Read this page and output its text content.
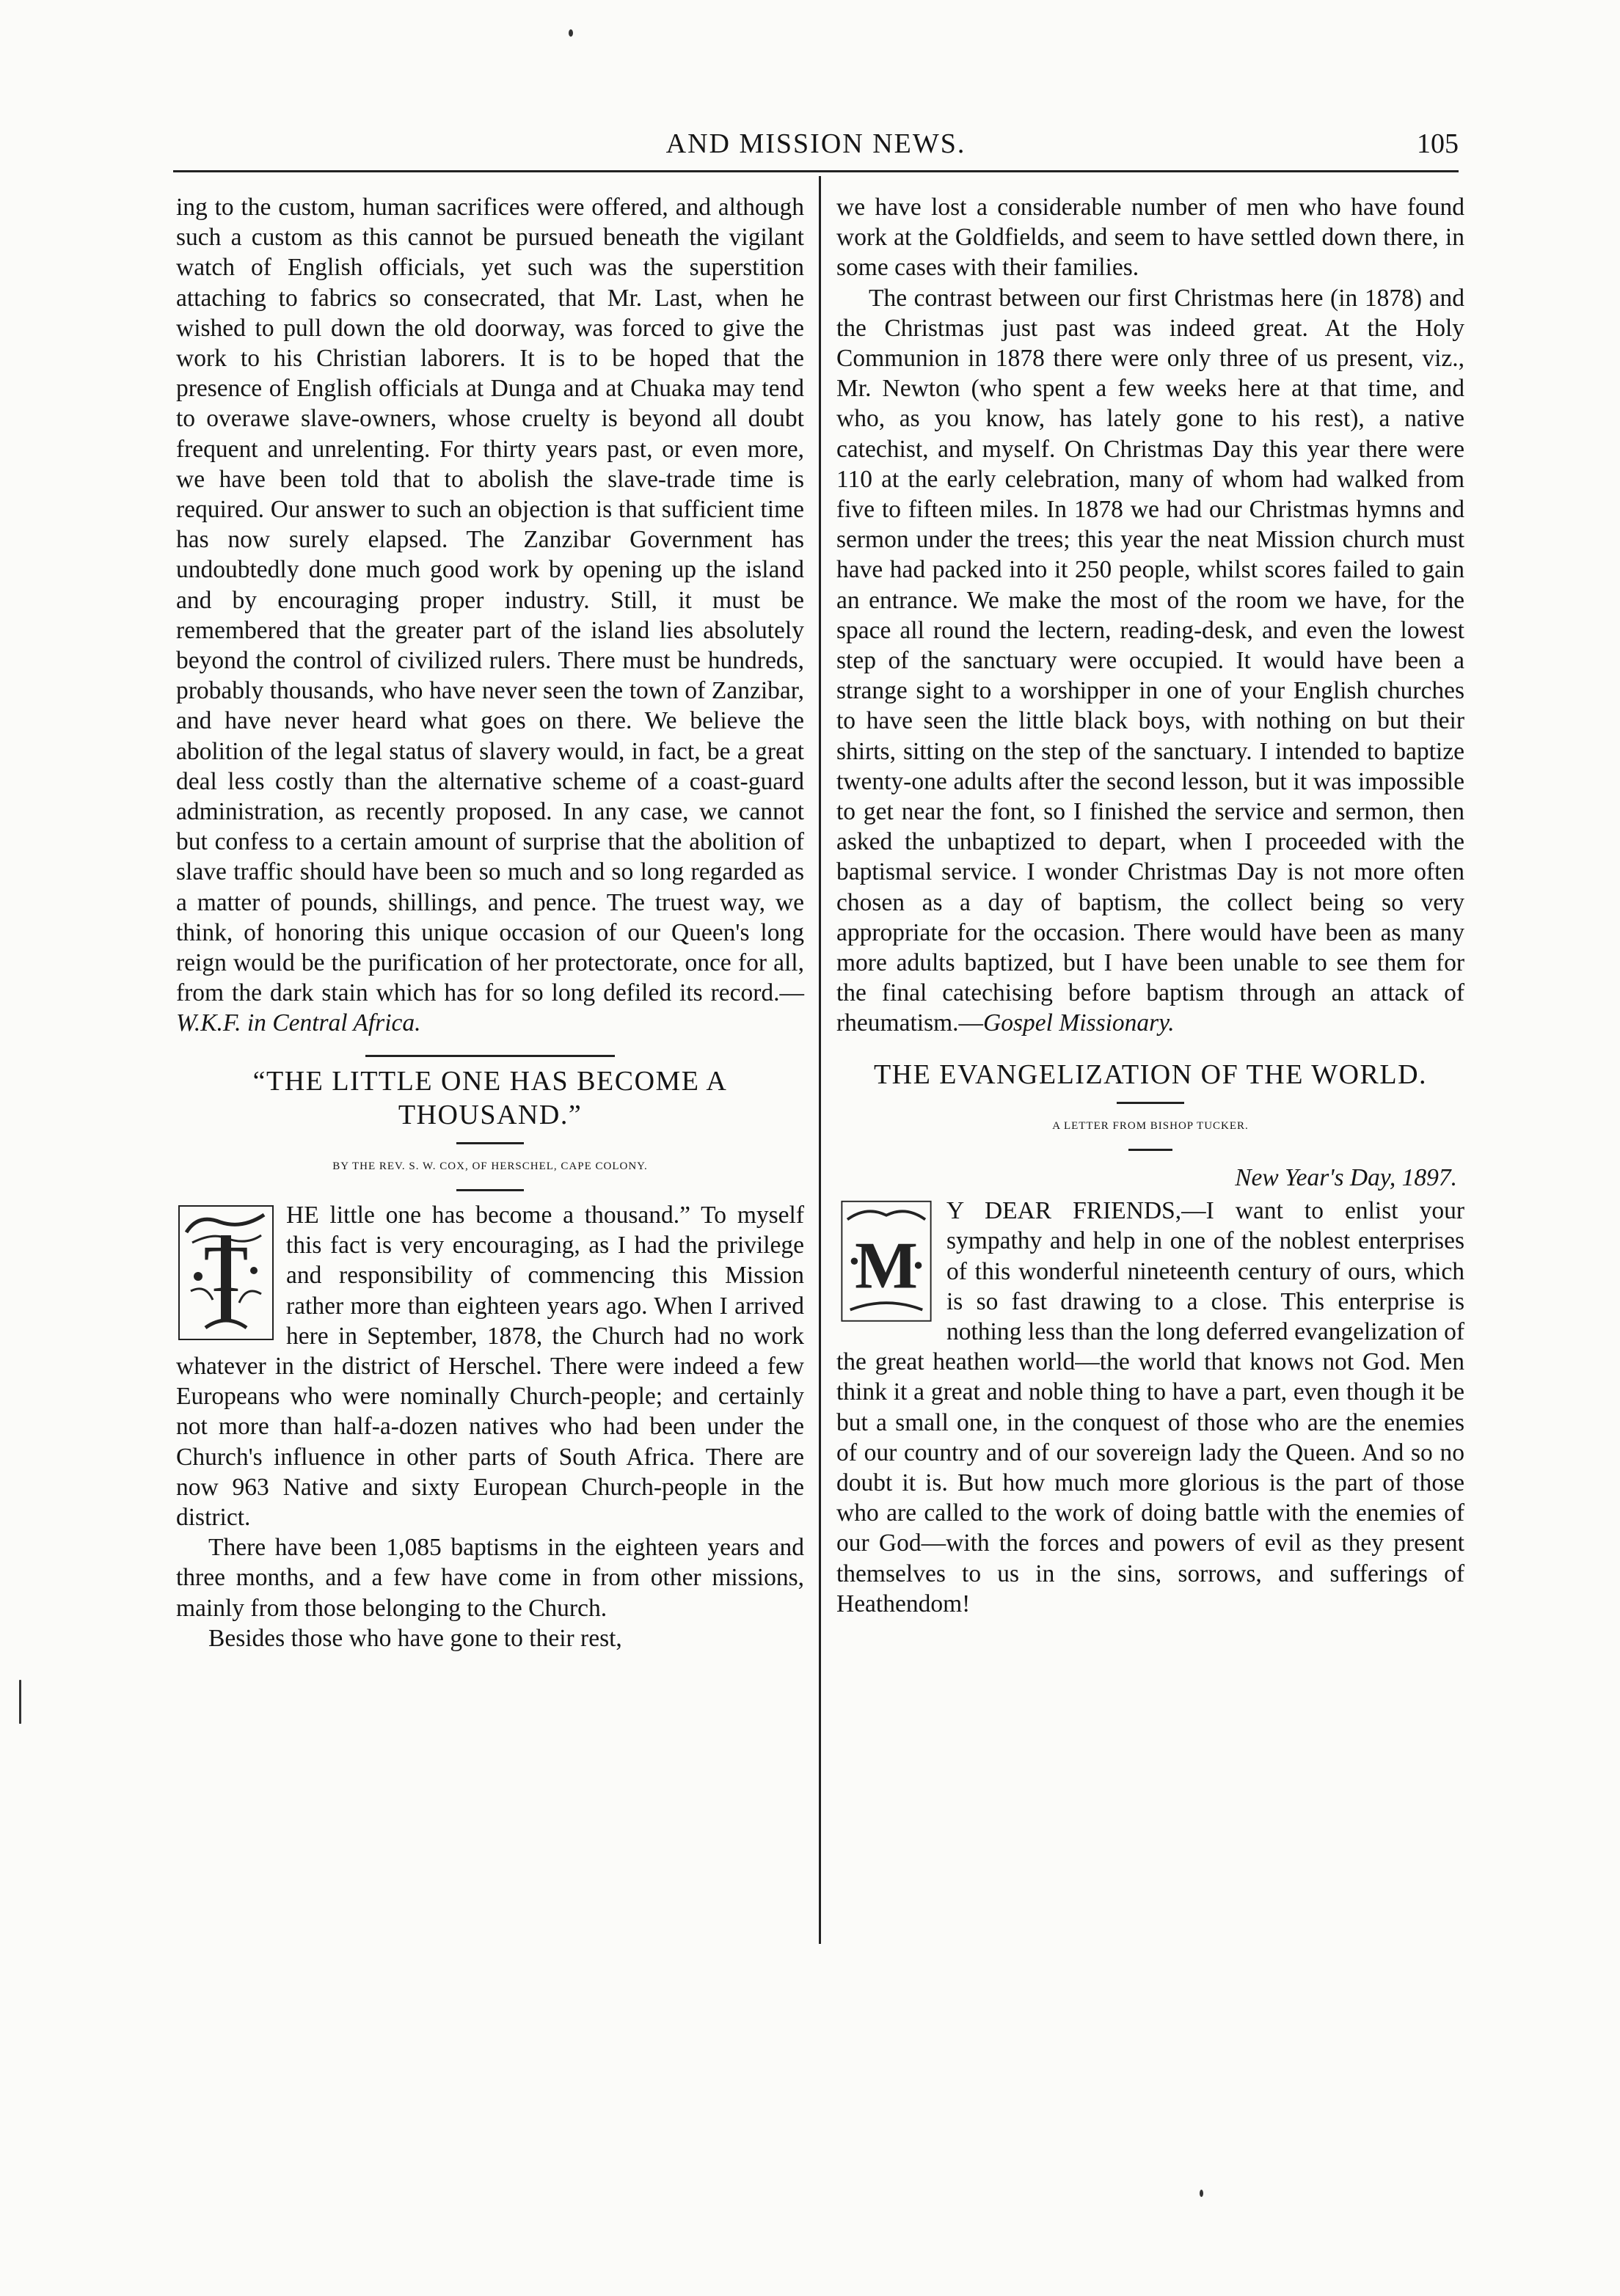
AND MISSION NEWS.	105

ing to the custom, human sacrifices were offered, and although such a custom as this cannot be pursued beneath the vigilant watch of English officials, yet such was the superstition attaching to fabrics so consecrated, that Mr. Last, when he wished to pull down the old doorway, was forced to give the work to his Christian laborers. It is to be hoped that the presence of English officials at Dunga and at Chuaka may tend to overawe slave-owners, whose cruelty is beyond all doubt frequent and unrelenting. For thirty years past, or even more, we have been told that to abolish the slave-trade time is required. Our answer to such an objection is that sufficient time has now surely elapsed. The Zanzibar Government has undoubtedly done much good work by opening up the island and by encouraging proper industry. Still, it must be remembered that the greater part of the island lies absolutely beyond the control of civilized rulers. There must be hundreds, probably thousands, who have never seen the town of Zanzibar, and have never heard what goes on there. We believe the abolition of the legal status of slavery would, in fact, be a great deal less costly than the alternative scheme of a coast-guard administration, as recently proposed. In any case, we cannot but confess to a certain amount of surprise that the abolition of slave traffic should have been so much and so long regarded as a matter of pounds, shillings, and pence. The truest way, we think, of honoring this unique occasion of our Queen's long reign would be the purification of her protectorate, once for all, from the dark stain which has for so long defiled its record.—W.K.F. in Central Africa.

“THE LITTLE ONE HAS BECOME A THOUSAND.”

BY THE REV. S. W. COX, OF HERSCHEL, CAPE COLONY.

T

HE little one has become a thousand.” To myself this fact is very encouraging, as I had the privilege and responsibility of commencing this Mission rather more than eighteen years ago. When I arrived here in September, 1878, the Church had no work whatever in the district of Herschel. There were indeed a few Europeans who were nominally Church-people; and certainly not more than half-a-dozen natives who had been under the Church's influence in other parts of South Africa. There are now 963 Native and sixty European Church-people in the district.

There have been 1,085 baptisms in the eighteen years and three months, and a few have come in from other missions, mainly from those belonging to the Church.

Besides those who have gone to their rest,

we have lost a considerable number of men who have found work at the Goldfields, and seem to have settled down there, in some cases with their families.

The contrast between our first Christmas here (in 1878) and the Christmas just past was indeed great. At the Holy Communion in 1878 there were only three of us present, viz., Mr. Newton (who spent a few weeks here at that time, and who, as you know, has lately gone to his rest), a native catechist, and myself. On Christmas Day this year there were 110 at the early celebration, many of whom had walked from five to fifteen miles. In 1878 we had our Christmas hymns and sermon under the trees; this year the neat Mission church must have had packed into it 250 people, whilst scores failed to gain an entrance. We make the most of the room we have, for the space all round the lectern, reading-desk, and even the lowest step of the sanctuary were occupied. It would have been a strange sight to a worshipper in one of your English churches to have seen the little black boys, with nothing on but their shirts, sitting on the step of the sanctuary. I intended to baptize twenty-one adults after the second lesson, but it was impossible to get near the font, so I finished the service and sermon, then asked the unbaptized to depart, when I proceeded with the baptismal service. I wonder Christmas Day is not more often chosen as a day of baptism, the collect being so very appropriate for the occasion. There would have been as many more adults baptized, but I have been unable to see them for the final catechising before baptism through an attack of rheumatism.—Gospel Missionary.

THE EVANGELIZATION OF THE WORLD.

A LETTER FROM BISHOP TUCKER.

New Year's Day, 1897.

M

Y DEAR FRIENDS,—I want to enlist your sympathy and help in one of the noblest enterprises of this wonderful nineteenth century of ours, which is so fast drawing to a close. This enterprise is nothing less than the long deferred evangelization of the great heathen world—the world that knows not God. Men think it a great and noble thing to have a part, even though it be but a small one, in the conquest of those who are the enemies of our country and of our sovereign lady the Queen. And so no doubt it is. But how much more glorious is the part of those who are called to the work of doing battle with the enemies of our God—with the forces and powers of evil as they present themselves to us in the sins, sorrows, and sufferings of Heathendom!
